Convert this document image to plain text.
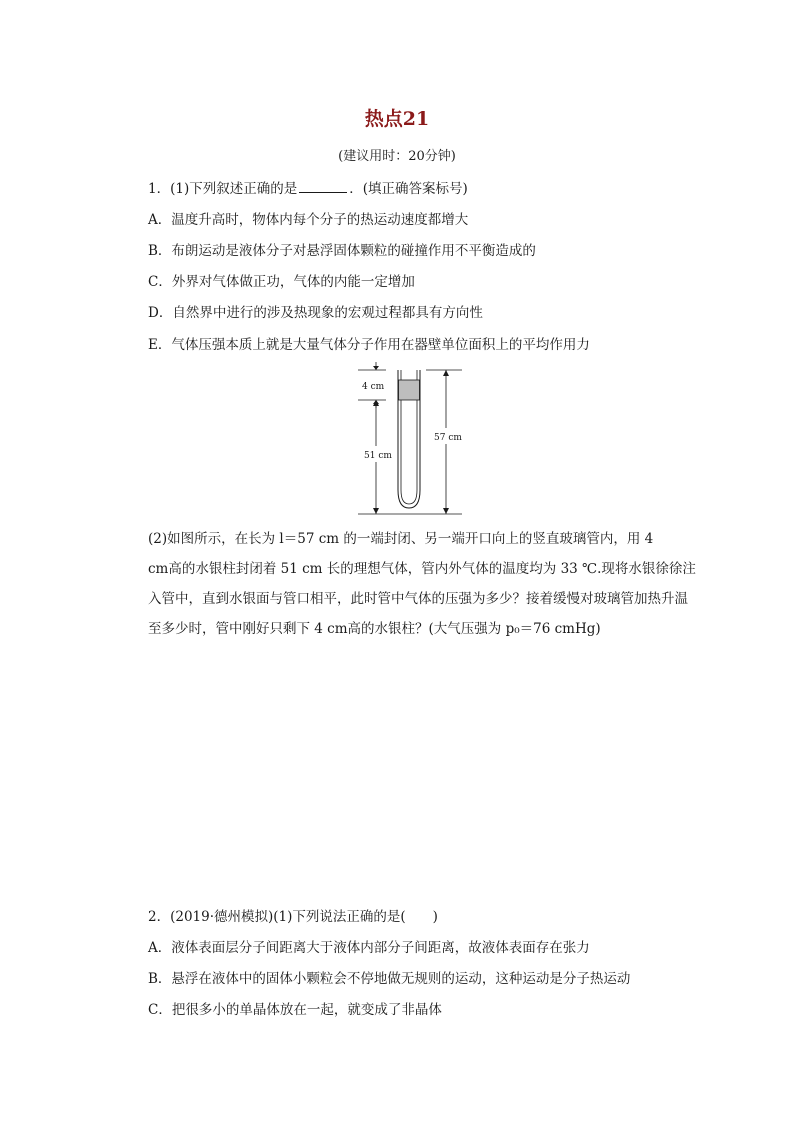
热点21
(建议用时：20分钟)
1．(1)下列叙述正确的是	．(填正确答案标号)
A．温度升高时，物体内每个分子的热运动速度都增大
B．布朗运动是液体分子对悬浮固体颗粒的碰撞作用不平衡造成的
C．外界对气体做正功，气体的内能一定增加
D．自然界中进行的涉及热现象的宏观过程都具有方向性
E．气体压强本质上就是大量气体分子作用在器壁单位面积上的平均作用力
4 cm
51 cm
57 cm
(2)如图所示，在长为 l＝57 cm 的一端封闭、另一端开口向上的竖直玻璃管内，用 4
cm高的水银柱封闭着 51 cm 长的理想气体，管内外气体的温度均为 33 ℃.现将水银徐徐注
入管中，直到水银面与管口相平，此时管中气体的压强为多少？接着缓慢对玻璃管加热升温
至多少时，管中刚好只剩下 4 cm高的水银柱？(大气压强为 p₀＝76 cmHg)
2．(2019·德州模拟)(1)下列说法正确的是(　　)
A．液体表面层分子间距离大于液体内部分子间距离，故液体表面存在张力
B．悬浮在液体中的固体小颗粒会不停地做无规则的运动，这种运动是分子热运动
C．把很多小的单晶体放在一起，就变成了非晶体
